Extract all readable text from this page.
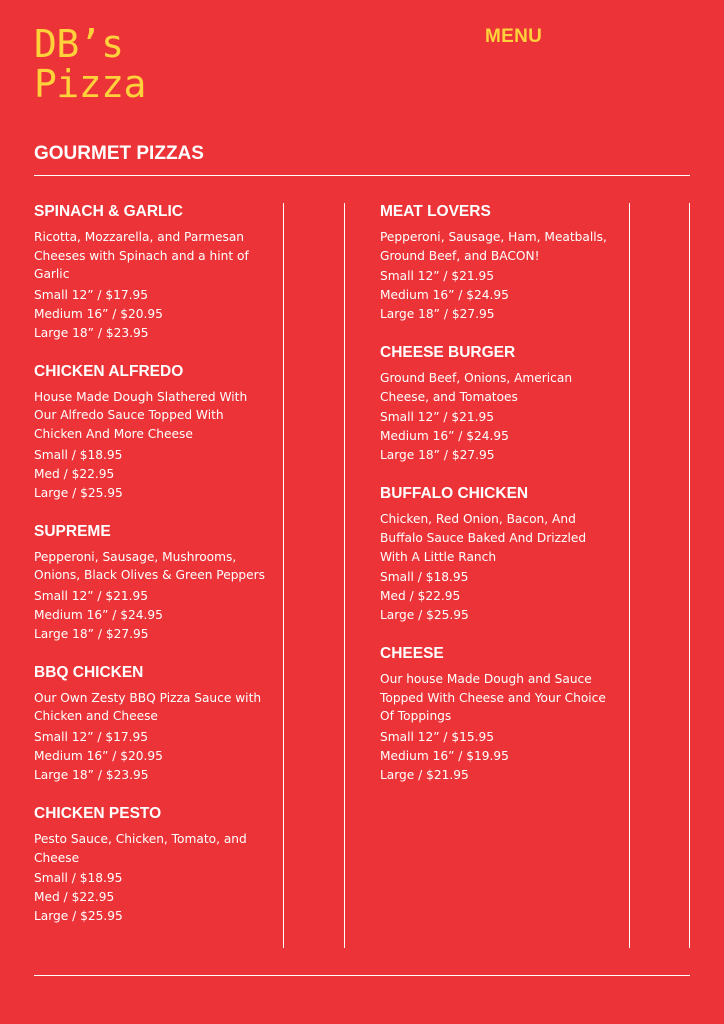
DB’s
Pizza
MENU
GOURMET PIZZAS
SPINACH & GARLIC
Ricotta, Mozzarella, and Parmesan Cheeses with Spinach and a hint of Garlic
Small 12” / $17.95
Medium 16” / $20.95
Large 18” / $23.95
CHICKEN ALFREDO
House Made Dough Slathered With Our Alfredo Sauce Topped With Chicken And More Cheese
Small / $18.95
Med / $22.95
Large / $25.95
SUPREME
Pepperoni, Sausage, Mushrooms, Onions, Black Olives & Green Peppers
Small 12” / $21.95
Medium 16” / $24.95
Large 18” / $27.95
BBQ CHICKEN
Our Own Zesty BBQ Pizza Sauce with Chicken and Cheese
Small 12” / $17.95
Medium 16” / $20.95
Large 18” / $23.95
CHICKEN PESTO
Pesto Sauce, Chicken, Tomato, and Cheese
Small / $18.95
Med / $22.95
Large / $25.95
MEAT LOVERS
Pepperoni, Sausage, Ham, Meatballs, Ground Beef, and BACON!
Small 12” / $21.95
Medium 16” / $24.95
Large 18” / $27.95
CHEESE BURGER
Ground Beef, Onions, American Cheese, and Tomatoes
Small 12” / $21.95
Medium 16” / $24.95
Large 18” / $27.95
BUFFALO CHICKEN
Chicken, Red Onion, Bacon, And Buffalo Sauce Baked And Drizzled With A Little Ranch
Small / $18.95
Med / $22.95
Large / $25.95
CHEESE
Our house Made Dough and Sauce Topped With Cheese and Your Choice Of Toppings
Small 12” / $15.95
Medium 16” / $19.95
Large / $21.95
